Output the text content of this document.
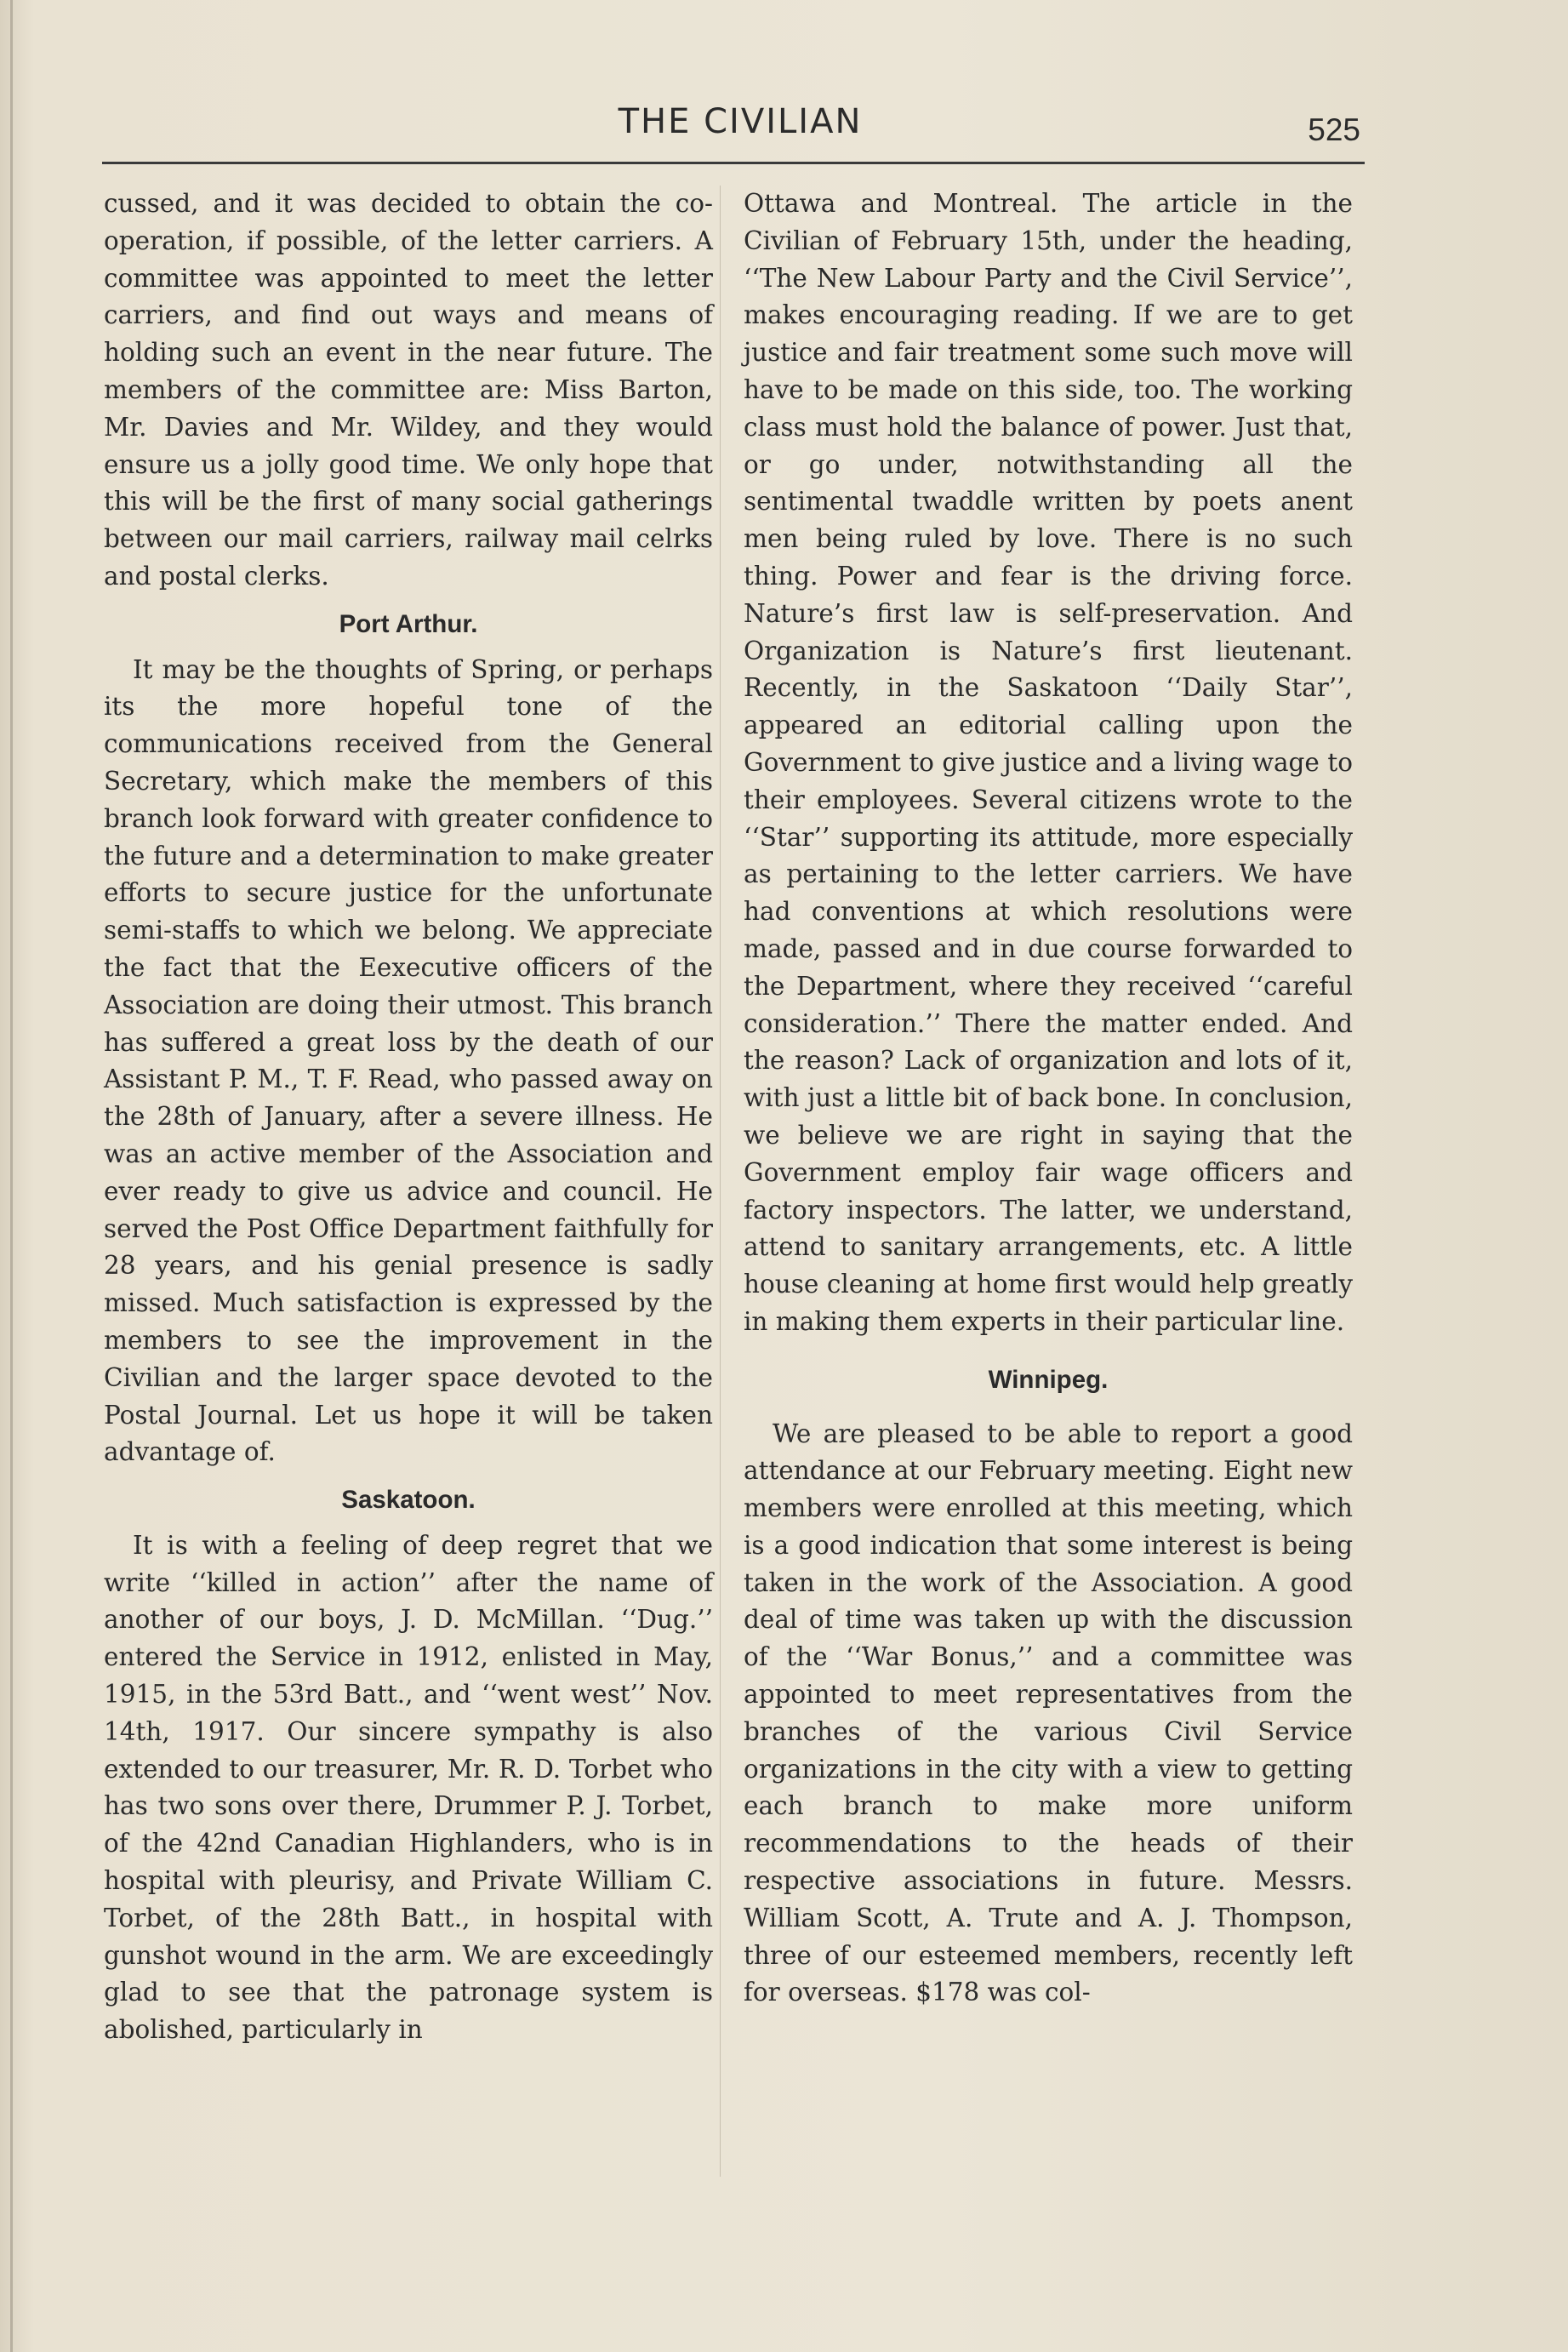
THE CIVILIAN	525

cussed, and it was decided to obtain the co-operation, if possible, of the letter carriers. A committee was appointed to meet the letter carriers, and find out ways and means of holding such an event in the near future. The members of the committee are: Miss Barton, Mr. Davies and Mr. Wildey, and they would ensure us a jolly good time. We only hope that this will be the first of many social gatherings between our mail carriers, railway mail celrks and postal clerks.

Port Arthur.

It may be the thoughts of Spring, or perhaps its the more hopeful tone of the communications received from the General Secretary, which make the members of this branch look forward with greater confidence to the future and a determination to make greater efforts to secure justice for the unfortunate semi-staffs to which we belong. We appreciate the fact that the Eexecutive officers of the Association are doing their utmost. This branch has suffered a great loss by the death of our Assistant P. M., T. F. Read, who passed away on the 28th of January, after a severe illness. He was an active member of the Association and ever ready to give us advice and council. He served the Post Office Department faithfully for 28 years, and his genial presence is sadly missed. Much satisfaction is expressed by the members to see the improvement in the Civilian and the larger space devoted to the Postal Journal. Let us hope it will be taken advantage of.

Saskatoon.

It is with a feeling of deep regret that we write ‘‘killed in action’’ after the name of another of our boys, J. D. McMillan. ‘‘Dug.’’ entered the Service in 1912, enlisted in May, 1915, in the 53rd Batt., and ‘‘went west’’ Nov. 14th, 1917. Our sincere sympathy is also extended to our treasurer, Mr. R. D. Torbet who has two sons over there, Drummer P. J. Torbet, of the 42nd Canadian Highlanders, who is in hospital with pleurisy, and Private William C. Torbet, of the 28th Batt., in hospital with gunshot wound in the arm. We are exceedingly glad to see that the patronage system is abolished, particularly in

Ottawa and Montreal. The article in the Civilian of February 15th, under the heading, ‘‘The New Labour Party and the Civil Service’’, makes encouraging reading. If we are to get justice and fair treatment some such move will have to be made on this side, too. The working class must hold the balance of power. Just that, or go under, notwithstanding all the sentimental twaddle written by poets anent men being ruled by love. There is no such thing. Power and fear is the driving force. Nature’s first law is self-preservation. And Organization is Nature’s first lieutenant. Recently, in the Saskatoon ‘‘Daily Star’’, appeared an editorial calling upon the Government to give justice and a living wage to their employees. Several citizens wrote to the ‘‘Star’’ supporting its attitude, more especially as pertaining to the letter carriers. We have had conventions at which resolutions were made, passed and in due course forwarded to the Department, where they received ‘‘careful consideration.’’ There the matter ended. And the reason? Lack of organization and lots of it, with just a little bit of back bone. In conclusion, we believe we are right in saying that the Government employ fair wage officers and factory inspectors. The latter, we understand, attend to sanitary arrangements, etc. A little house cleaning at home first would help greatly in making them experts in their particular line.

Winnipeg.

We are pleased to be able to report a good attendance at our February meeting. Eight new members were enrolled at this meeting, which is a good indication that some interest is being taken in the work of the Association. A good deal of time was taken up with the discussion of the ‘‘War Bonus,’’ and a committee was appointed to meet representatives from the branches of the various Civil Service organizations in the city with a view to getting each branch to make more uniform recommendations to the heads of their respective associations in future. Messrs. William Scott, A. Trute and A. J. Thompson, three of our esteemed members, recently left for overseas. $178 was col-
